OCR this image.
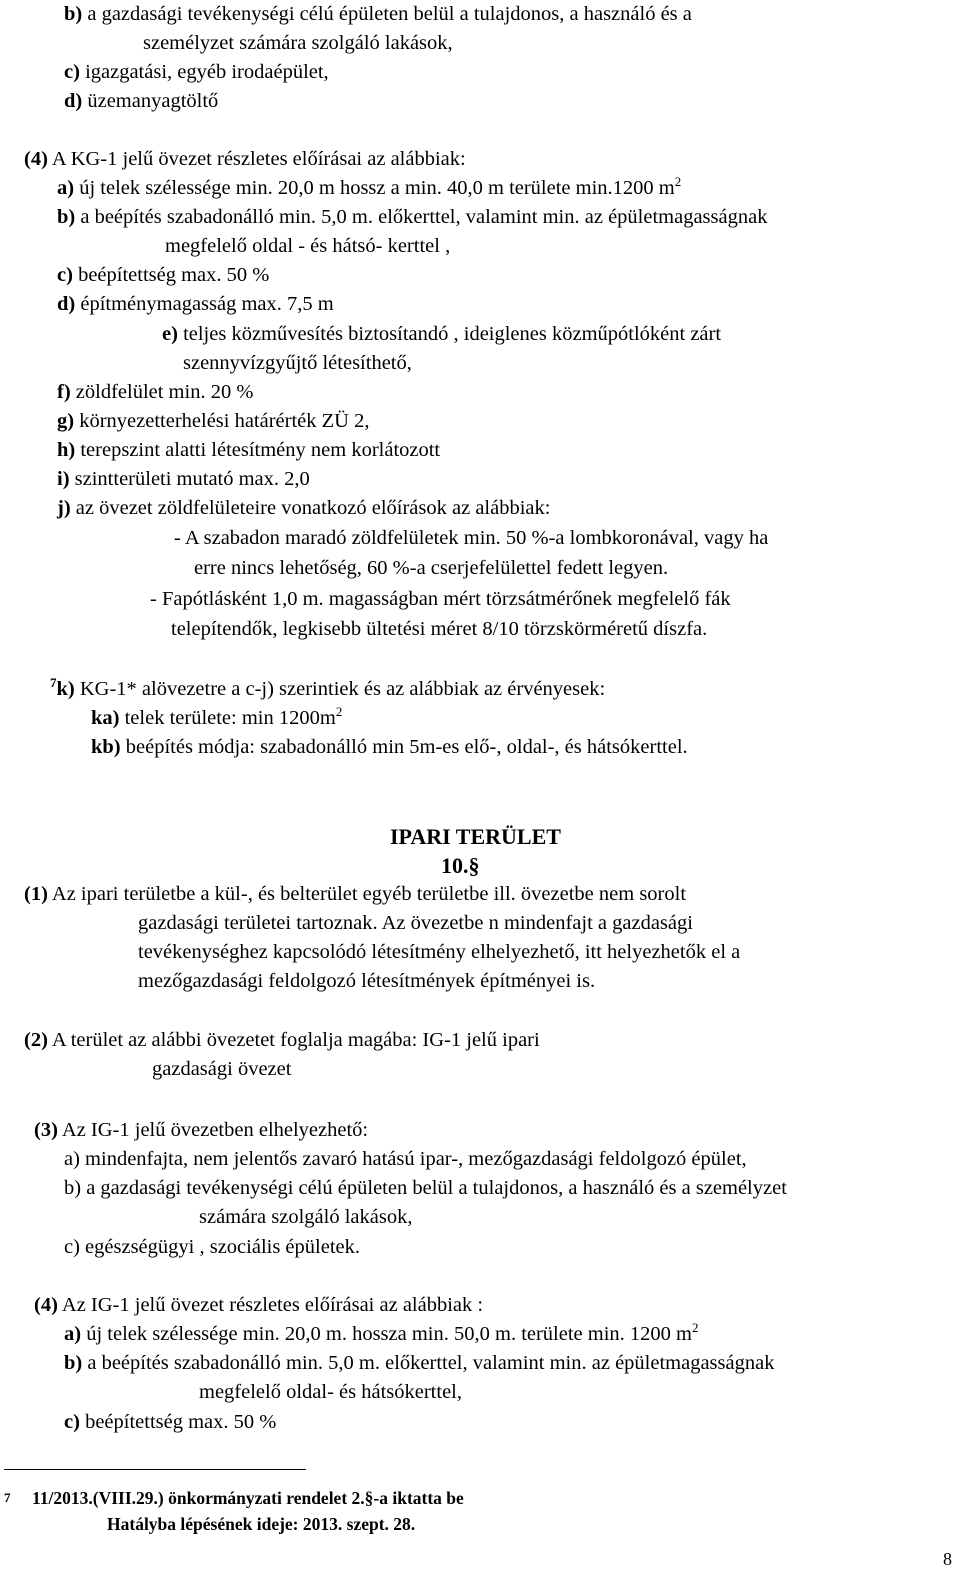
b) a gazdasági tevékenységi célú épületen belül a tulajdonos, a használó és a
személyzet számára szolgáló lakások,
c) igazgatási, egyéb irodaépület,
d) üzemanyagtöltő
(4) A KG-1 jelű övezet részletes előírásai az alábbiak:
a) új telek szélessége min. 20,0 m hossz a min. 40,0 m területe min.1200 $m^2$
b) a beépítés szabadonálló min. 5,0 m. előkerttel, valamint min. az épületmagasságnak
megfelelő oldal - és hátsó- kerttel ,
c) beépítettség max. 50 %
d) építménymagasság max. 7,5 m
e) teljes közművesítés biztosítandó , ideiglenes közműpótlóként zárt
szennyvízgyűjtő létesíthető,
f) zöldfelület min. 20 %
g) környezetterhelési határérték ZÜ 2,
h) terepszint alatti létesítmény nem korlátozott
i) szintterületi mutató max. 2,0
j) az övezet zöldfelületeire vonatkozó előírások az alábbiak:
- A szabadon maradó zöldfelületek min. 50 %-a lombkoronával, vagy ha
erre nincs lehetőség, 60 %-a cserjefelülettel fedett legyen.
- Fapótlásként 1,0 m. magasságban mért törzsátmérőnek megfelelő fák
telepítendők, legkisebb ültetési méret 8/10 törzskörméretű díszfa.
$^7$k) KG-1* alövezetre a c-j) szerintiek és az alábbiak az érvényesek:
ka) telek területe: $\min 1200m^2$
kb) beépítés módja: szabadonálló min 5m-es elő-, oldal-, és hátsókerttel.
IPARI TERÜLET
10.§
(1) Az ipari területbe a kül-, és belterület egyéb területbe ill. övezetbe nem sorolt
gazdasági területei tartoznak. Az övezetbe n mindenfajt a gazdasági
tevékenységhez kapcsolódó létesítmény elhelyezhető, itt helyezhetők el a
mezőgazdasági feldolgozó létesítmények építményei is.
(2) A terület az alábbi övezetet foglalja magába: IG-1 jelű ipari
gazdasági övezet
(3) Az IG-1 jelű övezetben elhelyezhető:
a) mindenfajta, nem jelentős zavaró hatású ipar-, mezőgazdasági feldolgozó épület,
b) a gazdasági tevékenységi célú épületen belül a tulajdonos, a használó és a személyzet
számára szolgáló lakások,
c) egészségügyi , szociális épületek.
(4) Az IG-1 jelű övezet részletes előírásai az alábbiak :
a) új telek szélessége min. 20,0 m. hossza min. 50,0 m. területe min. 1200 $m^2$
b) a beépítés szabadonálló min. 5,0 m. előkerttel, valamint min. az épületmagasságnak
megfelelő oldal- és hátsókerttel,
c) beépítettség max. 50 %
7 11/2013.(VIII.29.) önkormányzati rendelet 2.§-a iktatta be
Hatályba lépésének ideje: 2013. szept. 28.
8
